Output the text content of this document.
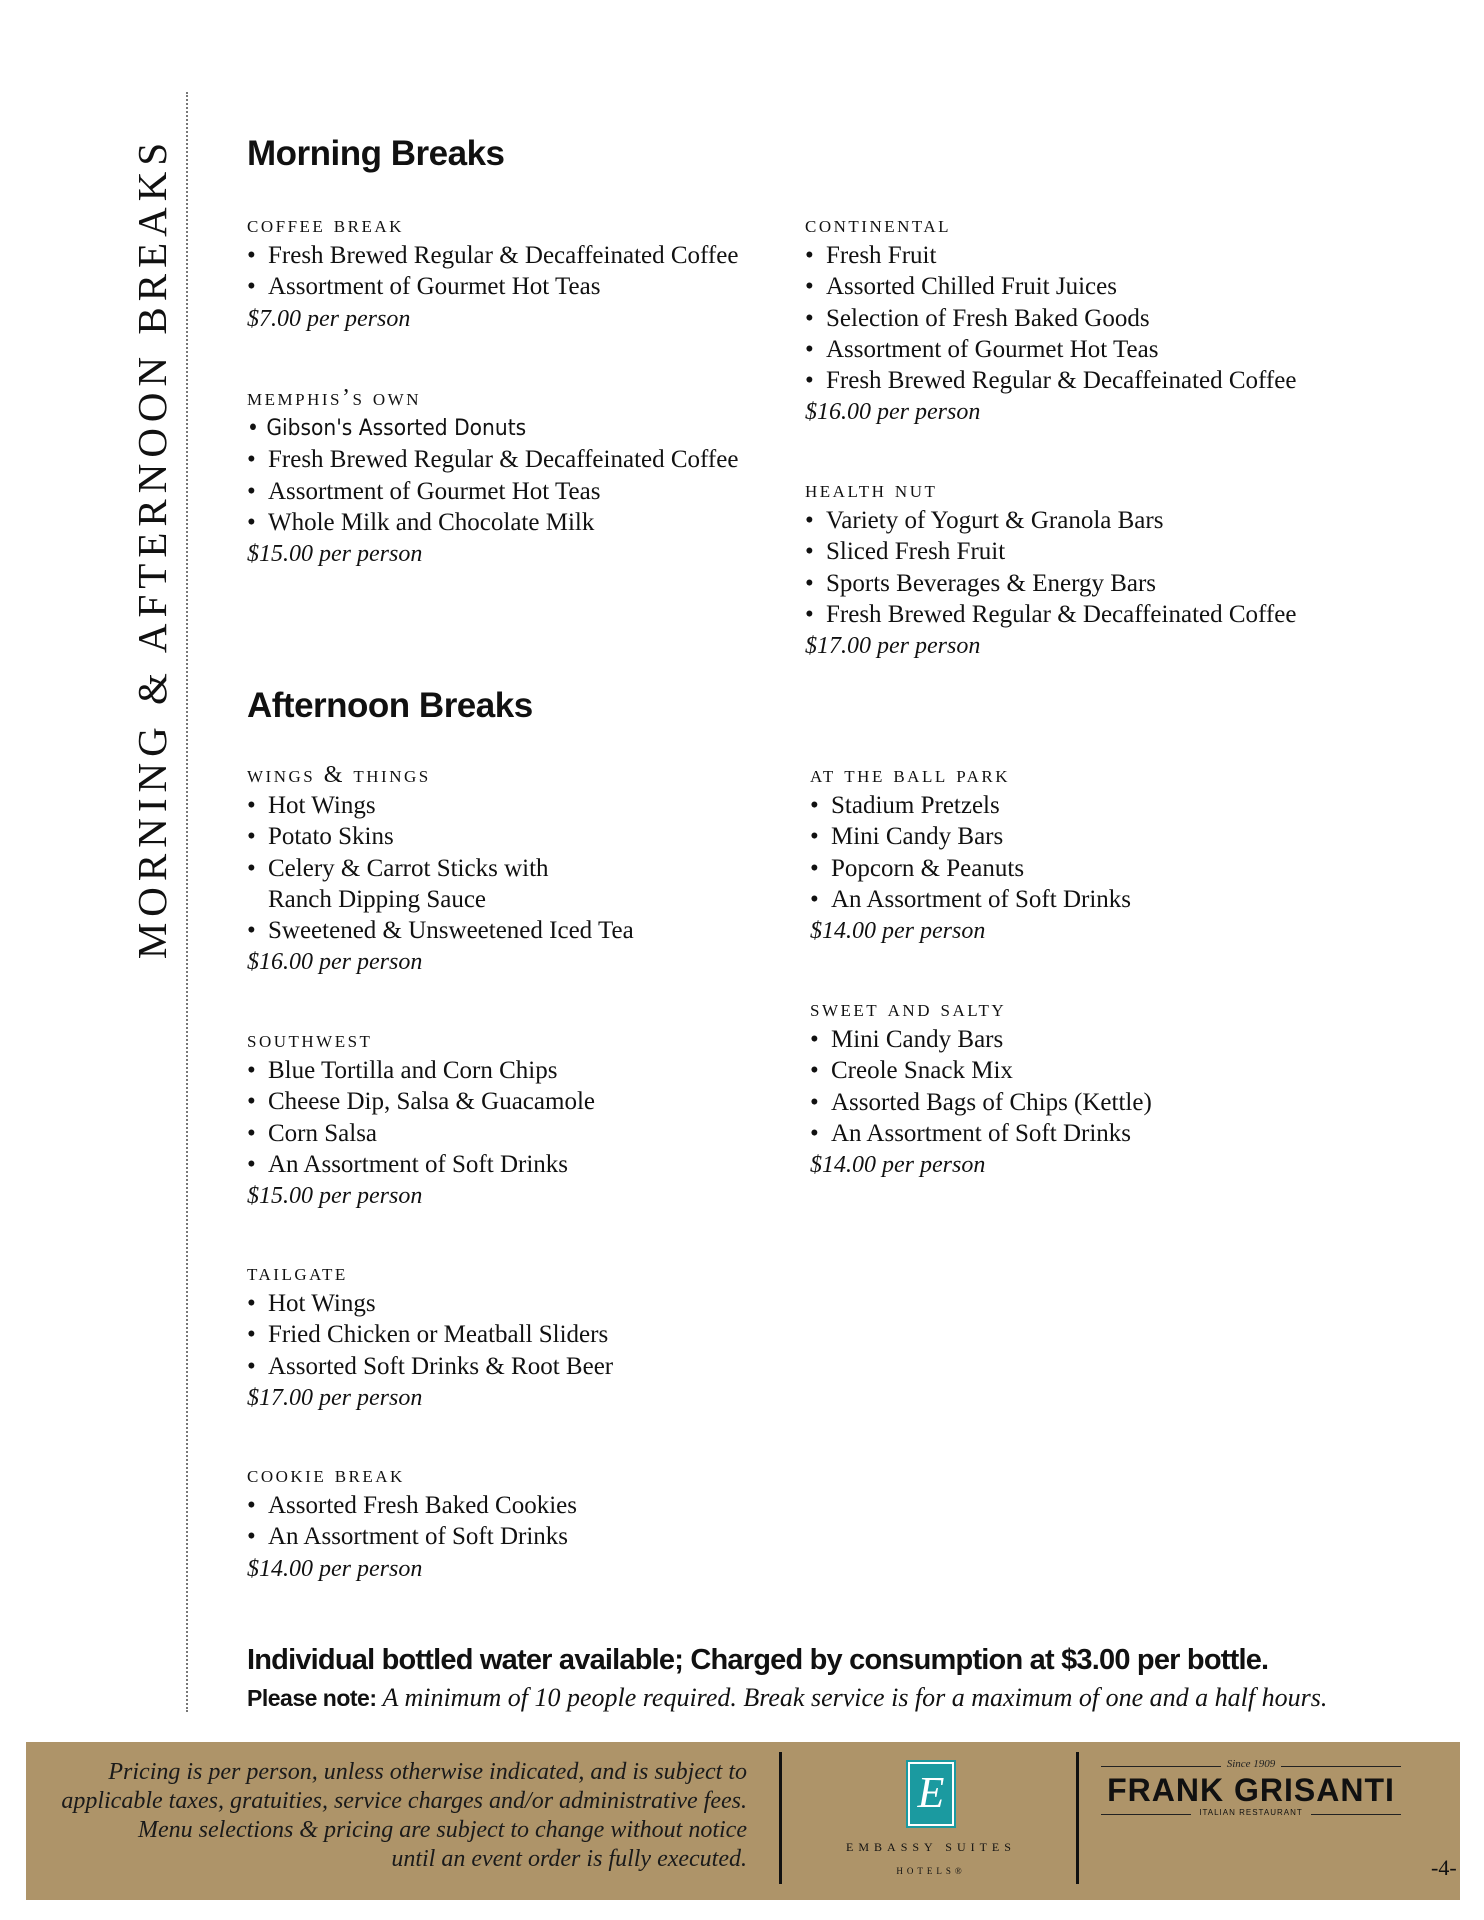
MORNING & AFTERNOON BREAKS Morning Breaks
coffee break
• Fresh Brewed Regular & Decaffeinated Coffee
• Assortment of Gourmet Hot Teas
$7.00 per person
memphis’s own
• Gibson's Assorted Donuts
• Fresh Brewed Regular & Decaffeinated Coffee
• Assortment of Gourmet Hot Teas
• Whole Milk and Chocolate Milk
$15.00 per person
continental
• Fresh Fruit
• Assorted Chilled Fruit Juices
• Selection of Fresh Baked Goods
• Assortment of Gourmet Hot Teas
• Fresh Brewed Regular & Decaffeinated Coffee
$16.00 per person
health nut
• Variety of Yogurt & Granola Bars
• Sliced Fresh Fruit
• Sports Beverages & Energy Bars
• Fresh Brewed Regular & Decaffeinated Coffee
$17.00 per person
Afternoon Breaks
wings & things
• Hot Wings
• Potato Skins
• Celery & Carrot Sticks with
Ranch Dipping Sauce
• Sweetened & Unsweetened Iced Tea
$16.00 per person
southwest
• Blue Tortilla and Corn Chips
• Cheese Dip, Salsa & Guacamole
• Corn Salsa
• An Assortment of Soft Drinks
$15.00 per person
tailgate
• Hot Wings
• Fried Chicken or Meatball Sliders
• Assorted Soft Drinks & Root Beer
$17.00 per person
cookie break
• Assorted Fresh Baked Cookies
• An Assortment of Soft Drinks
$14.00 per person
at the ball park
• Stadium Pretzels
• Mini Candy Bars
• Popcorn & Peanuts
• An Assortment of Soft Drinks
$14.00 per person
sweet and salty
• Mini Candy Bars
• Creole Snack Mix
• Assorted Bags of Chips (Kettle)
• An Assortment of Soft Drinks
$14.00 per person
Individual bottled water available; Charged by consumption at $3.00 per bottle.
Please note: A minimum of 10 people required. Break service is for a maximum of one and a half hours.
Pricing is per person, unless otherwise indicated, and is subject to
applicable taxes, gratuities, service charges and/or administrative fees.
Menu selections & pricing are subject to change without notice
until an event order is fully executed.
E
EMBASSY SUITES
HOTELS®
Since 1909
FRANK GRISANTI
ITALIAN RESTAURANT
-4-
